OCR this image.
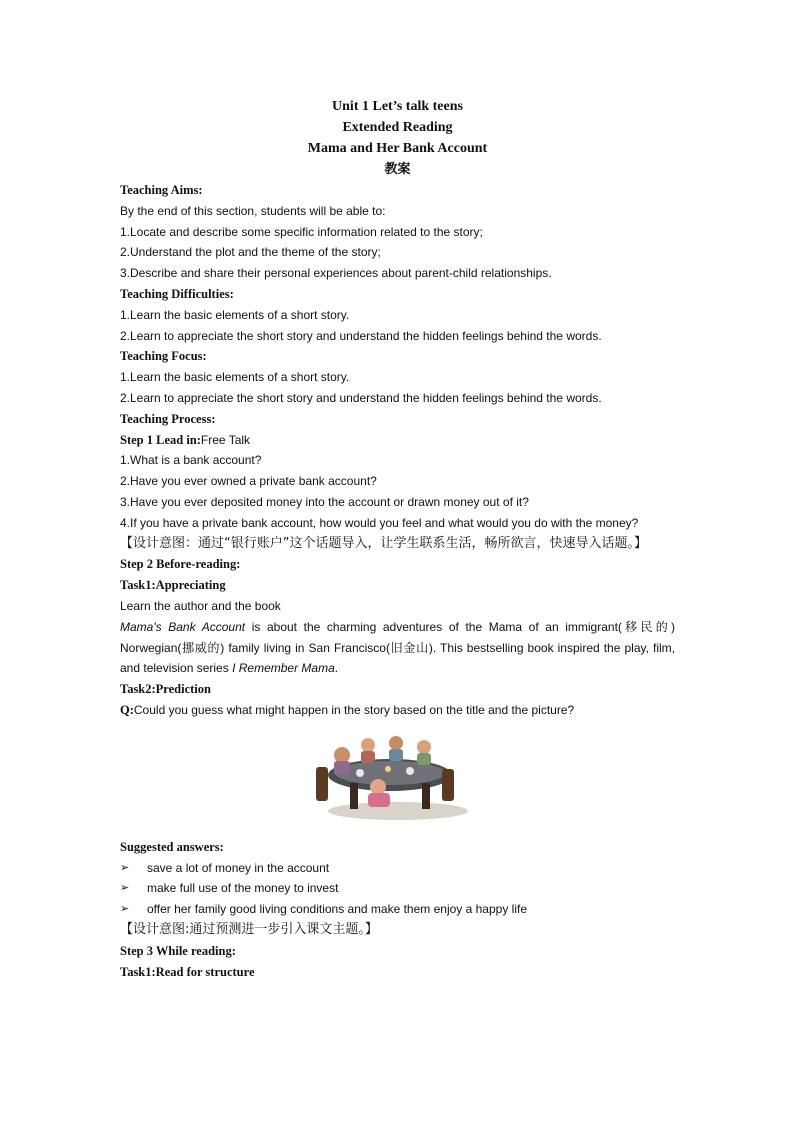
Unit 1 Let’s talk teens
Extended Reading
Mama and Her Bank Account
教案
Teaching Aims:
By the end of this section, students will be able to:
1.Locate and describe some specific information related to the story;
2.Understand the plot and the theme of the story;
3.Describe and share their personal experiences about parent-child relationships.
Teaching Difficulties:
1.Learn the basic elements of a short story.
2.Learn to appreciate the short story and understand the hidden feelings behind the words.
Teaching Focus:
1.Learn the basic elements of a short story.
2.Learn to appreciate the short story and understand the hidden feelings behind the words.
Teaching Process:
Step 1 Lead in:Free Talk
1.What is a bank account?
2.Have you ever owned a private bank account?
3.Have you ever deposited money into the account or drawn money out of it?
4.If you have a private bank account, how would you feel and what would you do with the money?
【设计意图：通过“银行账户”这个话题导入，让学生联系生活，畅所欲言，快速导入话题。】
Step 2 Before-reading:
Task1:Appreciating
Learn the author and the book
Mama's Bank Account is about the charming adventures of the Mama of an immigrant(移民的) Norwegian(挪威的) family living in San Francisco(旧金山). This bestselling book inspired the play, film, and television series I Remember Mama.
Task2:Prediction
Q:Could you guess what might happen in the story based on the title and the picture?
Suggested answers:
➢	save a lot of money in the account
➢	make full use of the money to invest
➢	offer her family good living conditions and make them enjoy a happy life
【设计意图:通过预测进一步引入课文主题。】
Step 3 While reading:
Task1:Read for structure
